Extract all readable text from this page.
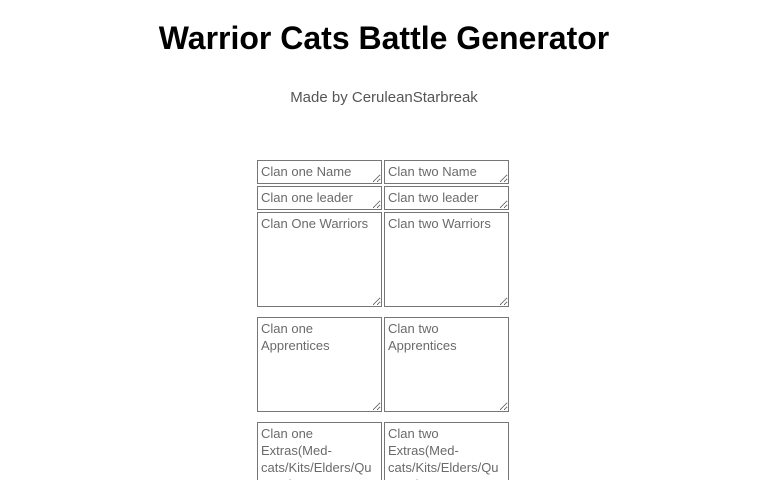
Warrior Cats Battle Generator

Made by CeruleanStarbreak

Clan one Name
Clan two Name
Clan one leader
Clan two leader
Clan One Warriors
Clan two Warriors
Clan one Apprentices
Clan two Apprentices
Clan one Extras(Med-cats/Kits/Elders/Queens)
Clan two Extras(Med-cats/Kits/Elders/Queens)
